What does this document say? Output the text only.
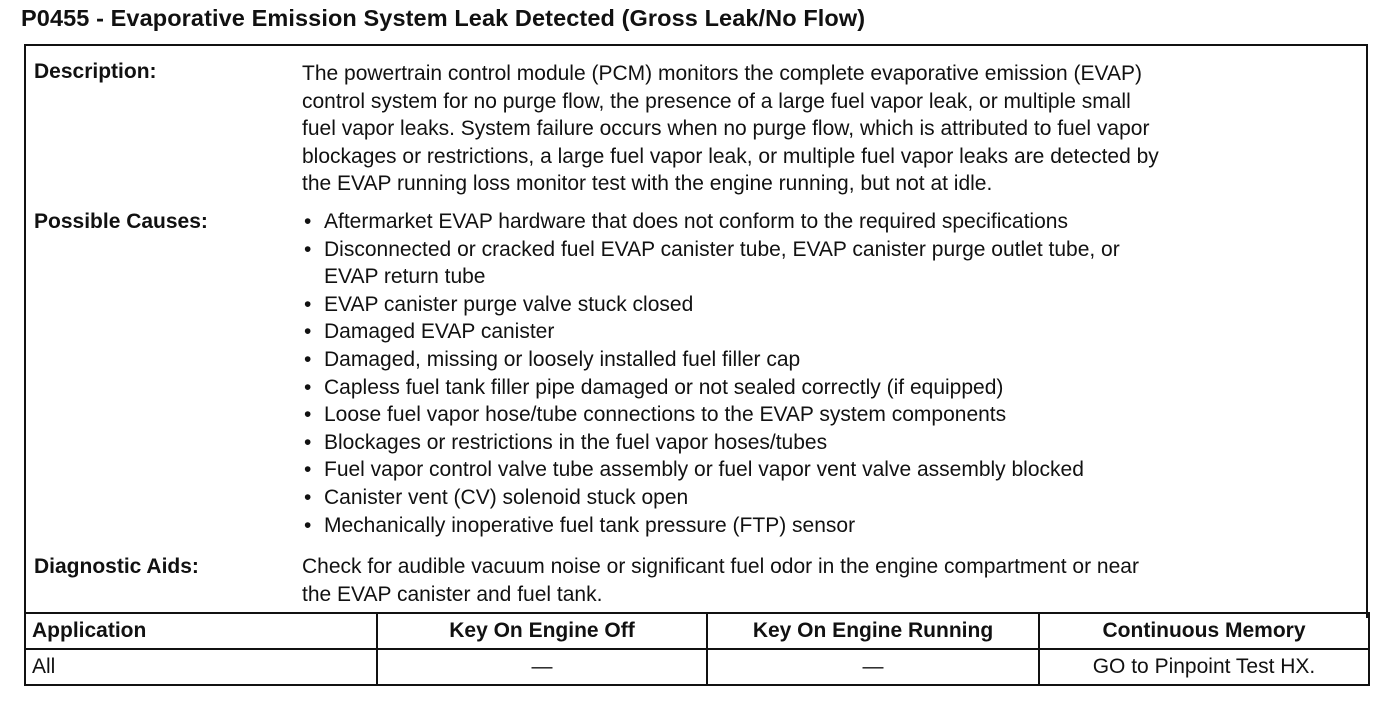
P0455 - Evaporative Emission System Leak Detected (Gross Leak/No Flow)
Description:	The powertrain control module (PCM) monitors the complete evaporative emission (EVAP)
control system for no purge flow, the presence of a large fuel vapor leak, or multiple small
fuel vapor leaks. System failure occurs when no purge flow, which is attributed to fuel vapor
blockages or restrictions, a large fuel vapor leak, or multiple fuel vapor leaks are detected by
the EVAP running loss monitor test with the engine running, but not at idle.
Possible Causes:	• Aftermarket EVAP hardware that does not conform to the required specifications
• Disconnected or cracked fuel EVAP canister tube, EVAP canister purge outlet tube, or
EVAP return tube
• EVAP canister purge valve stuck closed
• Damaged EVAP canister
• Damaged, missing or loosely installed fuel filler cap
• Capless fuel tank filler pipe damaged or not sealed correctly (if equipped)
• Loose fuel vapor hose/tube connections to the EVAP system components
• Blockages or restrictions in the fuel vapor hoses/tubes
• Fuel vapor control valve tube assembly or fuel vapor vent valve assembly blocked
• Canister vent (CV) solenoid stuck open
• Mechanically inoperative fuel tank pressure (FTP) sensor
Diagnostic Aids:	Check for audible vacuum noise or significant fuel odor in the engine compartment or near
the EVAP canister and fuel tank.
Application	Key On Engine Off	Key On Engine Running	Continuous Memory
All	—	—	GO to Pinpoint Test HX.
